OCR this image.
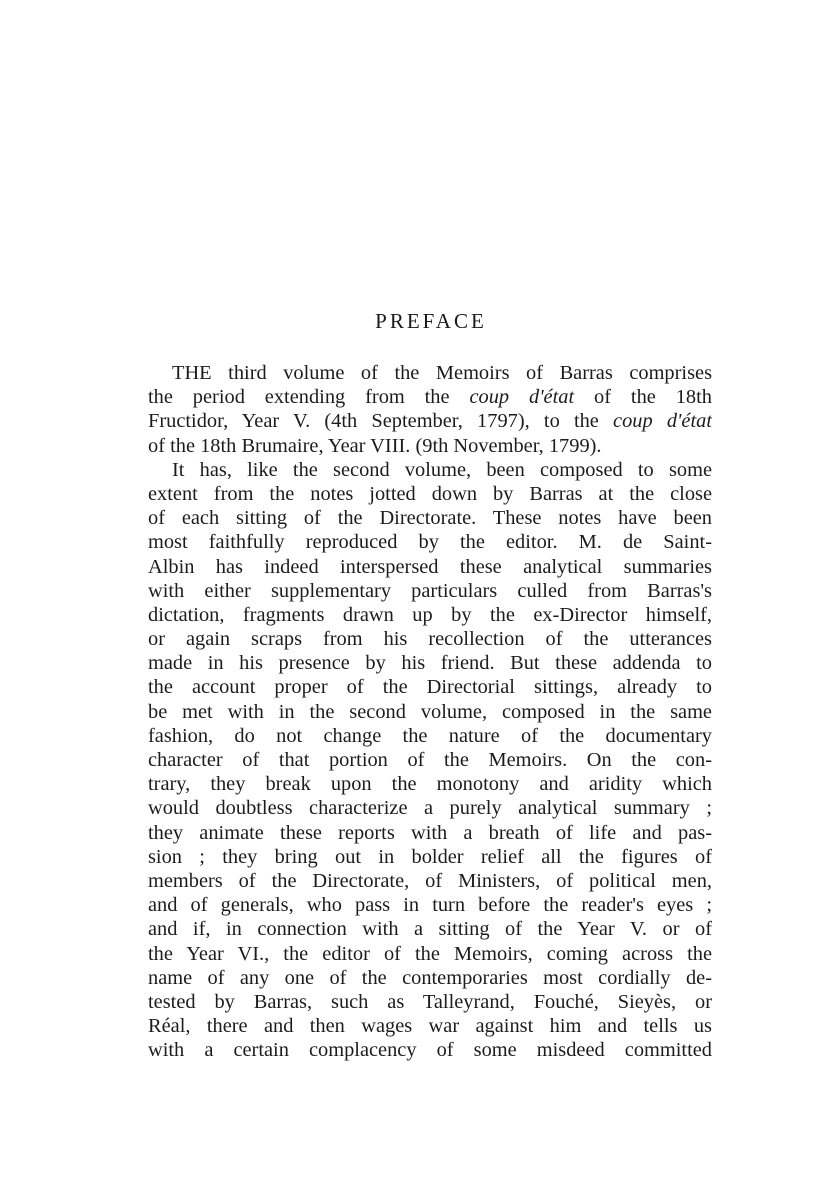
PREFACE
THE third volume of the Memoirs of Barras comprises
the period extending from the coup d'état of the 18th
Fructidor, Year V. (4th September, 1797), to the coup d'état
of the 18th Brumaire, Year VIII. (9th November, 1799).
It has, like the second volume, been composed to some
extent from the notes jotted down by Barras at the close
of each sitting of the Directorate. These notes have been
most faithfully reproduced by the editor. M. de Saint-
Albin has indeed interspersed these analytical summaries
with either supplementary particulars culled from Barras's
dictation, fragments drawn up by the ex-Director himself,
or again scraps from his recollection of the utterances
made in his presence by his friend. But these addenda to
the account proper of the Directorial sittings, already to
be met with in the second volume, composed in the same
fashion, do not change the nature of the documentary
character of that portion of the Memoirs. On the con-
trary, they break upon the monotony and aridity which
would doubtless characterize a purely analytical summary ;
they animate these reports with a breath of life and pas-
sion ; they bring out in bolder relief all the figures of
members of the Directorate, of Ministers, of political men,
and of generals, who pass in turn before the reader's eyes ;
and if, in connection with a sitting of the Year V. or of
the Year VI., the editor of the Memoirs, coming across the
name of any one of the contemporaries most cordially de-
tested by Barras, such as Talleyrand, Fouché, Sieyès, or
Réal, there and then wages war against him and tells us
with a certain complacency of some misdeed committed
